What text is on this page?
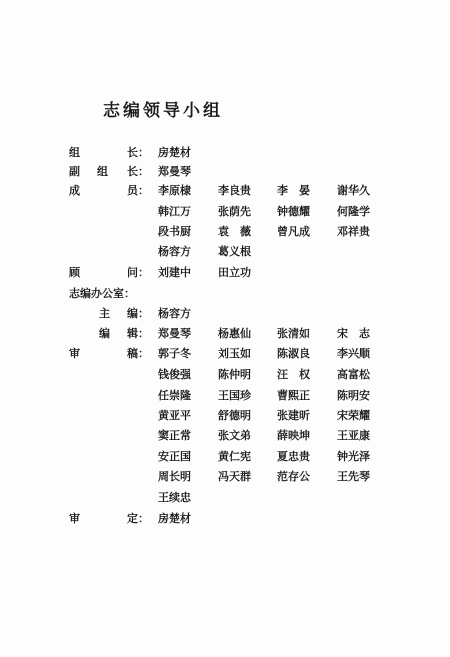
志编领导小组
组	长： 房楚材
副 组 长： 郑曼琴
成	员： 李原棣 李良贵 李　晏 谢华久
韩江万 张荫先 钟德耀 何隆学
段书厨 袁　薇 曾凡成 邓祥贵
杨容方 葛义根
顾	问： 刘建中 田立功
志编办公室：
主 编： 杨容方
编 辑： 郑曼琴 杨惠仙 张清如 宋　志
审	稿： 郭子冬 刘玉如 陈淑良 李兴顺
钱俊强 陈仲明 汪　权 高富松
任崇隆 王国珍 曹熙正 陈明安
黄亚平 舒德明 张建昕 宋荣耀
窦正常 张文弟 薛映坤 王亚康
安正国 黄仁宪 夏忠贵 钟光泽
周长明 冯天群 范存公 王先琴
王续忠
审	定： 房楚材
